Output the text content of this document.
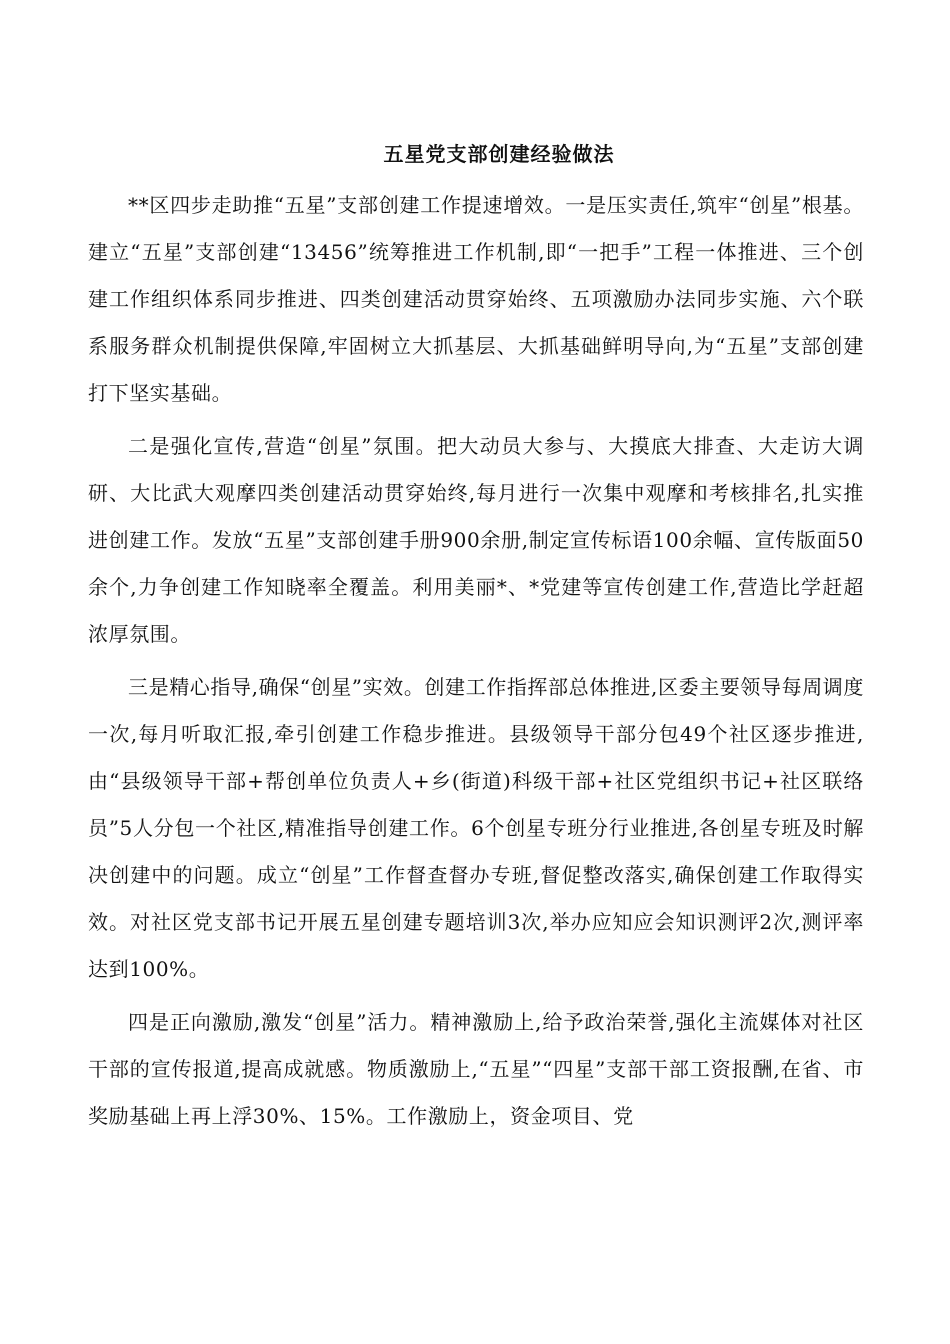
五星党支部创建经验做法

**区四步走助推“五星”支部创建工作提速增效。一是压实责任,筑牢“创星”根基。建立“五星”支部创建“13456”统筹推进工作机制,即“一把手”工程一体推进、三个创建工作组织体系同步推进、四类创建活动贯穿始终、五项激励办法同步实施、六个联系服务群众机制提供保障,牢固树立大抓基层、大抓基础鲜明导向,为“五星”支部创建打下坚实基础。

二是强化宣传,营造“创星”氛围。把大动员大参与、大摸底大排查、大走访大调研、大比武大观摩四类创建活动贯穿始终,每月进行一次集中观摩和考核排名,扎实推进创建工作。发放“五星”支部创建手册900余册,制定宣传标语100余幅、宣传版面50余个,力争创建工作知晓率全覆盖。利用美丽*、*党建等宣传创建工作,营造比学赶超浓厚氛围。

三是精心指导,确保“创星”实效。创建工作指挥部总体推进,区委主要领导每周调度一次,每月听取汇报,牵引创建工作稳步推进。县级领导干部分包49个社区逐步推进,由“县级领导干部+帮创单位负责人+乡(街道)科级干部+社区党组织书记+社区联络员”5人分包一个社区,精准指导创建工作。6个创星专班分行业推进,各创星专班及时解决创建中的问题。成立“创星”工作督查督办专班,督促整改落实,确保创建工作取得实效。对社区党支部书记开展五星创建专题培训3次,举办应知应会知识测评2次,测评率达到100%。

四是正向激励,激发“创星”活力。精神激励上,给予政治荣誉,强化主流媒体对社区干部的宣传报道,提高成就感。物质激励上,“五星”“四星”支部干部工资报酬,在省、市奖励基础上再上浮30%、15%。工作激励上，资金项目、党
